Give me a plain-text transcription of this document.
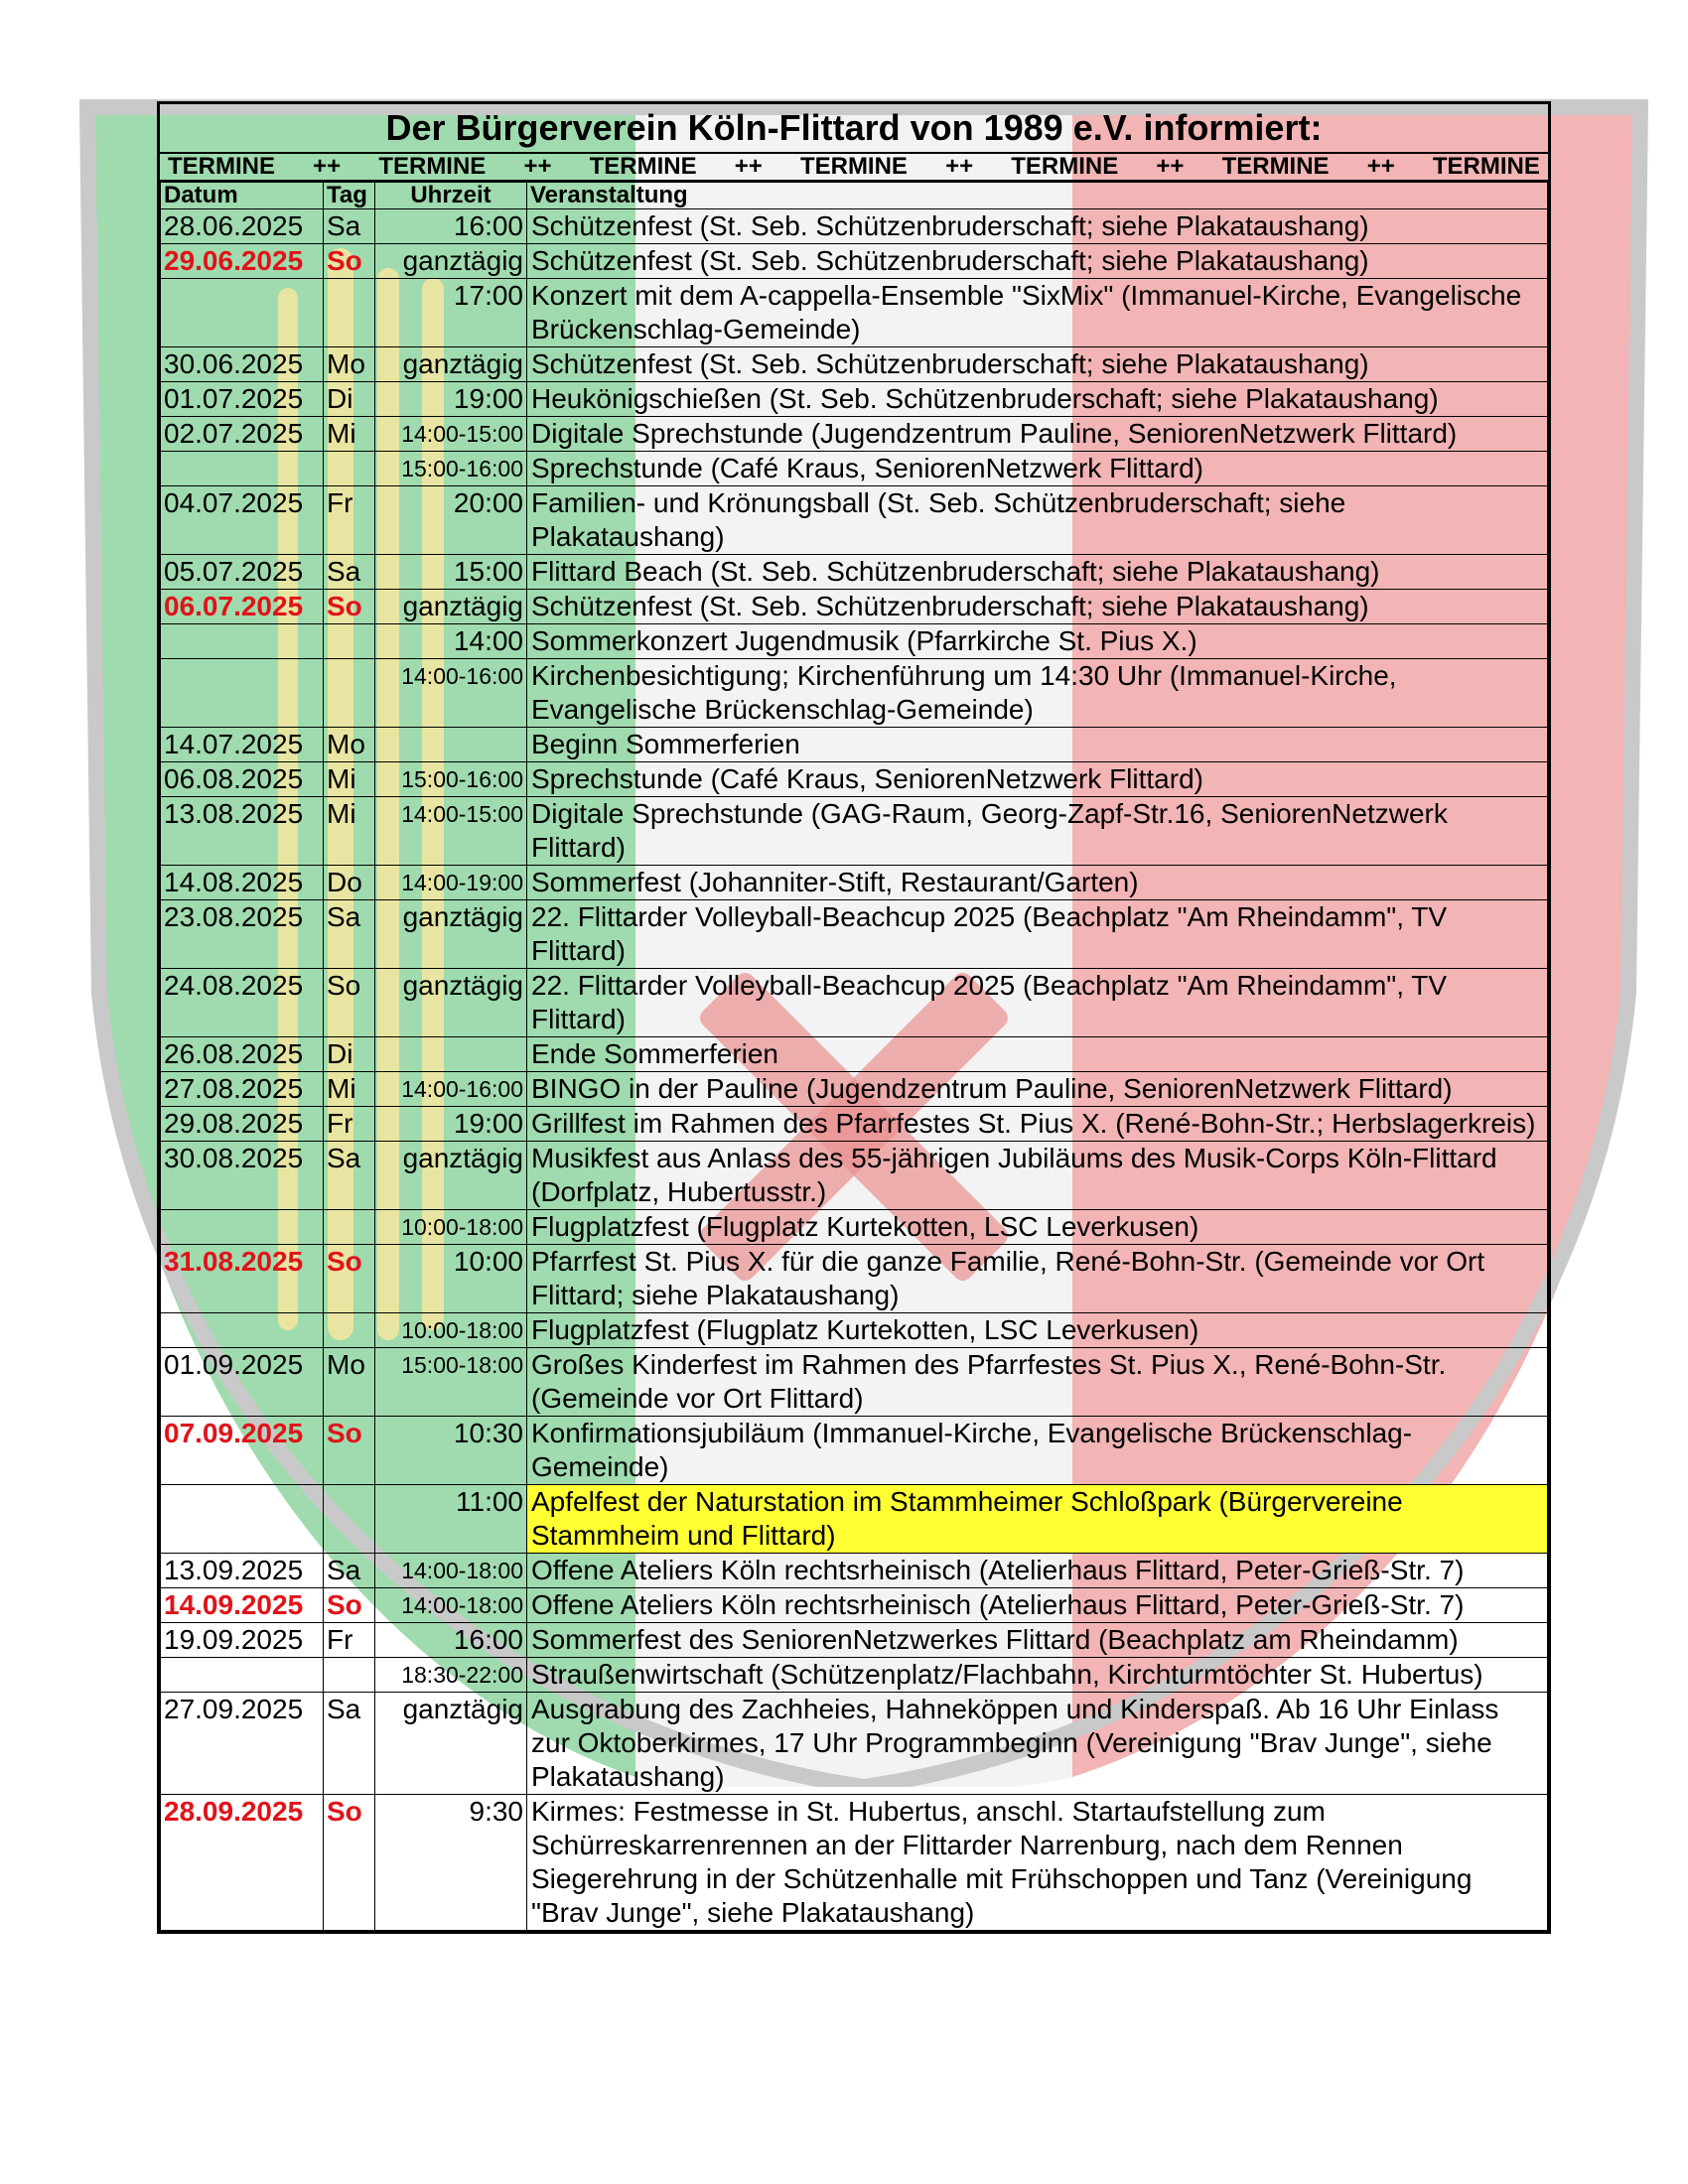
Der Bürgerverein Köln-Flittard von 1989 e.V. informiert:
TERMINE ++ TERMINE ++ TERMINE ++ TERMINE ++ TERMINE ++ TERMINE ++ TERMINE
Datum	Tag	Uhrzeit	Veranstaltung
28.06.2025	Sa	16:00	Schützenfest (St. Seb. Schützenbruderschaft; siehe Plakataushang)
29.06.2025	So	ganztägig	Schützenfest (St. Seb. Schützenbruderschaft; siehe Plakataushang)
		17:00	Konzert mit dem A-cappella-Ensemble "SixMix" (Immanuel-Kirche, Evangelische Brückenschlag-Gemeinde)
30.06.2025	Mo	ganztägig	Schützenfest (St. Seb. Schützenbruderschaft; siehe Plakataushang)
01.07.2025	Di	19:00	Heukönigschießen (St. Seb. Schützenbruderschaft; siehe Plakataushang)
02.07.2025	Mi	14:00-15:00	Digitale Sprechstunde (Jugendzentrum Pauline, SeniorenNetzwerk Flittard)
		15:00-16:00	Sprechstunde (Café Kraus, SeniorenNetzwerk Flittard)
04.07.2025	Fr	20:00	Familien- und Krönungsball (St. Seb. Schützenbruderschaft; siehe Plakataushang)
05.07.2025	Sa	15:00	Flittard Beach (St. Seb. Schützenbruderschaft; siehe Plakataushang)
06.07.2025	So	ganztägig	Schützenfest (St. Seb. Schützenbruderschaft; siehe Plakataushang)
		14:00	Sommerkonzert Jugendmusik (Pfarrkirche St. Pius X.)
		14:00-16:00	Kirchenbesichtigung; Kirchenführung um 14:30 Uhr (Immanuel-Kirche, Evangelische Brückenschlag-Gemeinde)
14.07.2025	Mo		Beginn Sommerferien
06.08.2025	Mi	15:00-16:00	Sprechstunde (Café Kraus, SeniorenNetzwerk Flittard)
13.08.2025	Mi	14:00-15:00	Digitale Sprechstunde (GAG-Raum, Georg-Zapf-Str.16, SeniorenNetzwerk Flittard)
14.08.2025	Do	14:00-19:00	Sommerfest (Johanniter-Stift, Restaurant/Garten)
23.08.2025	Sa	ganztägig	22. Flittarder Volleyball-Beachcup 2025 (Beachplatz "Am Rheindamm", TV Flittard)
24.08.2025	So	ganztägig	22. Flittarder Volleyball-Beachcup 2025 (Beachplatz "Am Rheindamm", TV Flittard)
26.08.2025	Di		Ende Sommerferien
27.08.2025	Mi	14:00-16:00	BINGO in der Pauline (Jugendzentrum Pauline, SeniorenNetzwerk Flittard)
29.08.2025	Fr	19:00	Grillfest im Rahmen des Pfarrfestes St. Pius X. (René-Bohn-Str.; Herbslagerkreis)
30.08.2025	Sa	ganztägig	Musikfest aus Anlass des 55-jährigen Jubiläums des Musik-Corps Köln-Flittard (Dorfplatz, Hubertusstr.)
		10:00-18:00	Flugplatzfest (Flugplatz Kurtekotten, LSC Leverkusen)
31.08.2025	So	10:00	Pfarrfest St. Pius X. für die ganze Familie, René-Bohn-Str. (Gemeinde vor Ort Flittard; siehe Plakataushang)
		10:00-18:00	Flugplatzfest (Flugplatz Kurtekotten, LSC Leverkusen)
01.09.2025	Mo	15:00-18:00	Großes Kinderfest im Rahmen des Pfarrfestes St. Pius X., René-Bohn-Str. (Gemeinde vor Ort Flittard)
07.09.2025	So	10:30	Konfirmationsjubiläum (Immanuel-Kirche, Evangelische Brückenschlag-Gemeinde)
		11:00	Apfelfest der Naturstation im Stammheimer Schloßpark (Bürgervereine Stammheim und Flittard)
13.09.2025	Sa	14:00-18:00	Offene Ateliers Köln rechtsrheinisch (Atelierhaus Flittard, Peter-Grieß-Str. 7)
14.09.2025	So	14:00-18:00	Offene Ateliers Köln rechtsrheinisch (Atelierhaus Flittard, Peter-Grieß-Str. 7)
19.09.2025	Fr	16:00	Sommerfest des SeniorenNetzwerkes Flittard (Beachplatz am Rheindamm)
		18:30-22:00	Straußenwirtschaft (Schützenplatz/Flachbahn, Kirchturmtöchter St. Hubertus)
27.09.2025	Sa	ganztägig	Ausgrabung des Zachheies, Hahneköppen und Kinderspaß. Ab 16 Uhr Einlass zur Oktoberkirmes, 17 Uhr Programmbeginn (Vereinigung "Brav Junge", siehe Plakataushang)
28.09.2025	So	9:30	Kirmes: Festmesse in St. Hubertus, anschl. Startaufstellung zum Schürreskarrenrennen an der Flittarder Narrenburg, nach dem Rennen Siegerehrung in der Schützenhalle mit Frühschoppen und Tanz (Vereinigung "Brav Junge", siehe Plakataushang)
